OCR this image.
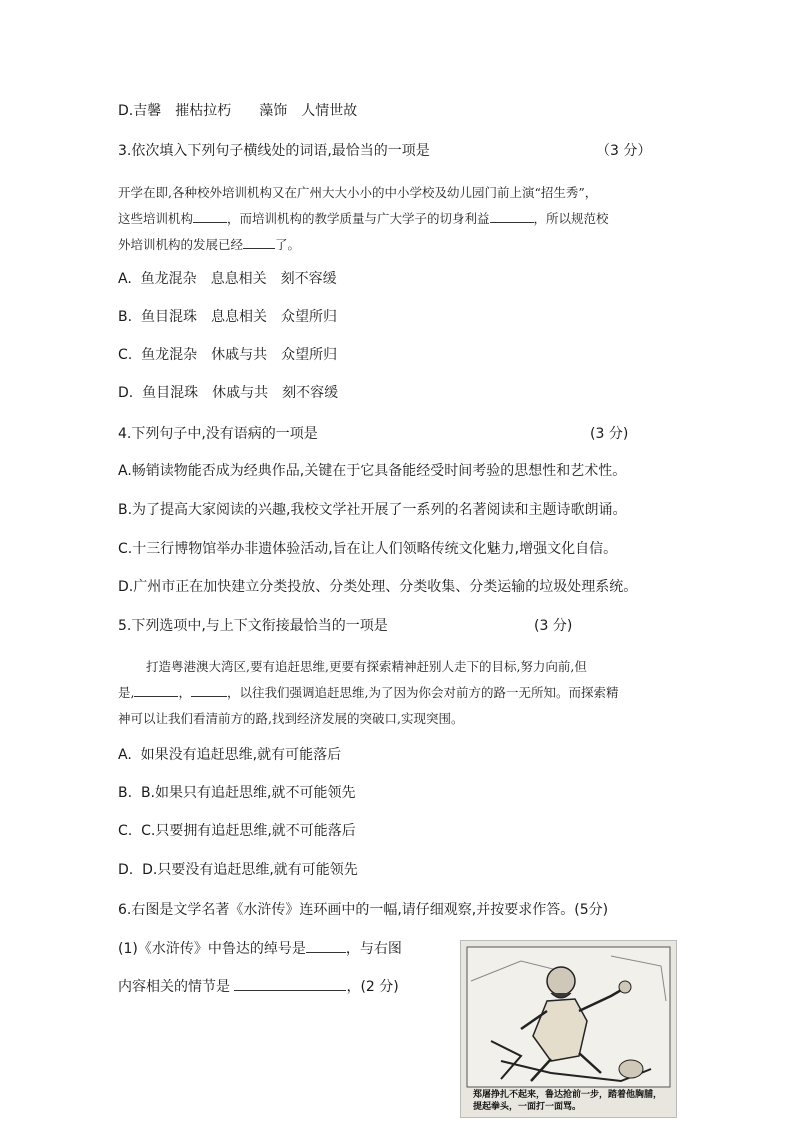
D.吉馨　摧枯拉朽　　藻饰　人情世故
3.依次填入下列句子横线处的词语,最恰当的一项是	（3 分）
开学在即,各种校外培训机构又在广州大大小小的中小学校及幼儿园门前上演“招生秀”，
这些培训机构	，而培训机构的教学质量与广大学子的切身利益	，所以规范校
外培训机构的发展已经	了。
A.  鱼龙混杂　息息相关　刻不容缓
B.  鱼目混珠　息息相关　众望所归
C.  鱼龙混杂　休戚与共　众望所归
D.  鱼目混珠　休戚与共　刻不容缓
4.下列句子中,没有语病的一项是	(3 分)
A.畅销读物能否成为经典作品,关键在于它具备能经受时间考验的思想性和艺术性。
B.为了提高大家阅读的兴趣,我校文学社开展了一系列的名著阅读和主题诗歌朗诵。
C.十三行博物馆举办非遗体验活动,旨在让人们领略传统文化魅力,增强文化自信。
D.广州市正在加快建立分类投放、分类处理、分类收集、分类运输的垃圾处理系统。
5.下列选项中,与上下文衔接最恰当的一项是	(3 分)
打造粤港澳大湾区,要有追赶思维,更要有探索精神赶别人走下的目标,努力向前,但
是,	，	，以往我们强调追赶思维,为了因为你会对前方的路一无所知。而探索精
神可以让我们看清前方的路,找到经济发展的突破口,实现突围。
A.  如果没有追赶思维,就有可能落后
B.  B.如果只有追赶思维,就不可能领先
C.  C.只要拥有追赶思维,就不可能落后
D.  D.只要没有追赶思维,就有可能领先
6.右图是文学名著《水浒传》连环画中的一幅,请仔细观察,并按要求作答。(5分)
(1)《水浒传》中鲁达的绰号是	，与右图
内容相关的情节是	，(2 分)
郑屠挣扎不起来，鲁达抢前一步，踏着他胸脯，提起拳头，一面打一面骂。
